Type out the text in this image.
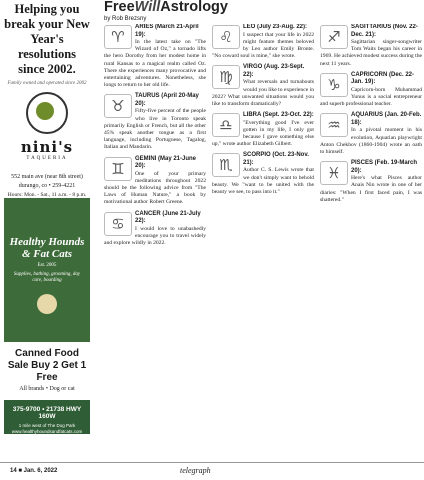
Helping you break your New Year's resolutions since 2002.
Family owned and operated since 2002
nini's
TAQUERIA
552 main ave (near 8th street) durango, co • 259-4221
Hours: Mon. - Sat., 11 a.m. - 8 p.m.
Healthy Hounds & Fat Cats
Est. 2005
Supplies, bathing, grooming, day care, boarding
Canned Food Sale Buy 2 Get 1 Free
All brands • Dog or cat
375-9700 • 21738 HWY 160W
1 mile west of The Dog Park www.healthyhoundsandfatcats.com
FreeWillAstrology
by Rob Brezsny
♈
ARIES (March 21-April 19):
In the latest take on "The Wizard of Oz," a tornado lifts the hero Dorothy from her modest home in rural Kansas to a magical realm called Oz. There she experiences many provocative and entertaining adventures. Nonetheless, she longs to return to her old life.
♉
TAURUS (April 20-May 20):
Fifty-five percent of the people who live in Toronto speak primarily English or French, but all the other 45% speak another tongue as a first language, including Portuguese, Tagalog, Italian and Mandarin.
♊
GEMINI (May 21-June 20):
One of your primary meditations throughout 2022 should be the following advice from "The Laws of Human Nature," a book by motivational author Robert Greene.
♋
CANCER (June 21-July 22):
I would love to unabashedly encourage you to travel widely and explore wildly in 2022.
♌
LEO (July 23-Aug. 22):
I suspect that your life in 2022 might feature themes beloved by Leo author Emily Bronte. "No coward soul is mine," she wrote.
♍
VIRGO (Aug. 23-Sept. 22):
What reversals and turnabouts would you like to experience in 2022? What unwanted situations would you like to transform dramatically?
♎
LIBRA (Sept. 23-Oct. 22):
"Everything good I've ever gotten in my life, I only got because I gave something else up," wrote author Elizabeth Gilbert.
♏
SCORPIO (Oct. 23-Nov. 21):
Author C. S. Lewis wrote that we don't simply want to behold beauty. We "want to be united with the beauty we see, to pass into it."
♐
SAGITTARIUS (Nov. 22-Dec. 21):
Sagittarian singer-songwriter Tom Waits began his career in 1969. He achieved modest success during the next 11 years.
♑
CAPRICORN (Dec. 22-Jan. 19):
Capricorn-born Muhammad Yunus is a social entrepreneur and superb professional teacher.
♒
AQUARIUS (Jan. 20-Feb. 18):
In a pivotal moment in his evolution, Aquarian playwright Anton Chekhov (1860-1904) wrote an oath to himself.
♓
PISCES (Feb. 19-March 20):
Here's what Pisces author Anais Nin wrote in one of her diaries: "When I first faced pain, I was shattered."
14 ■ Jan. 6, 2022	telegraph
